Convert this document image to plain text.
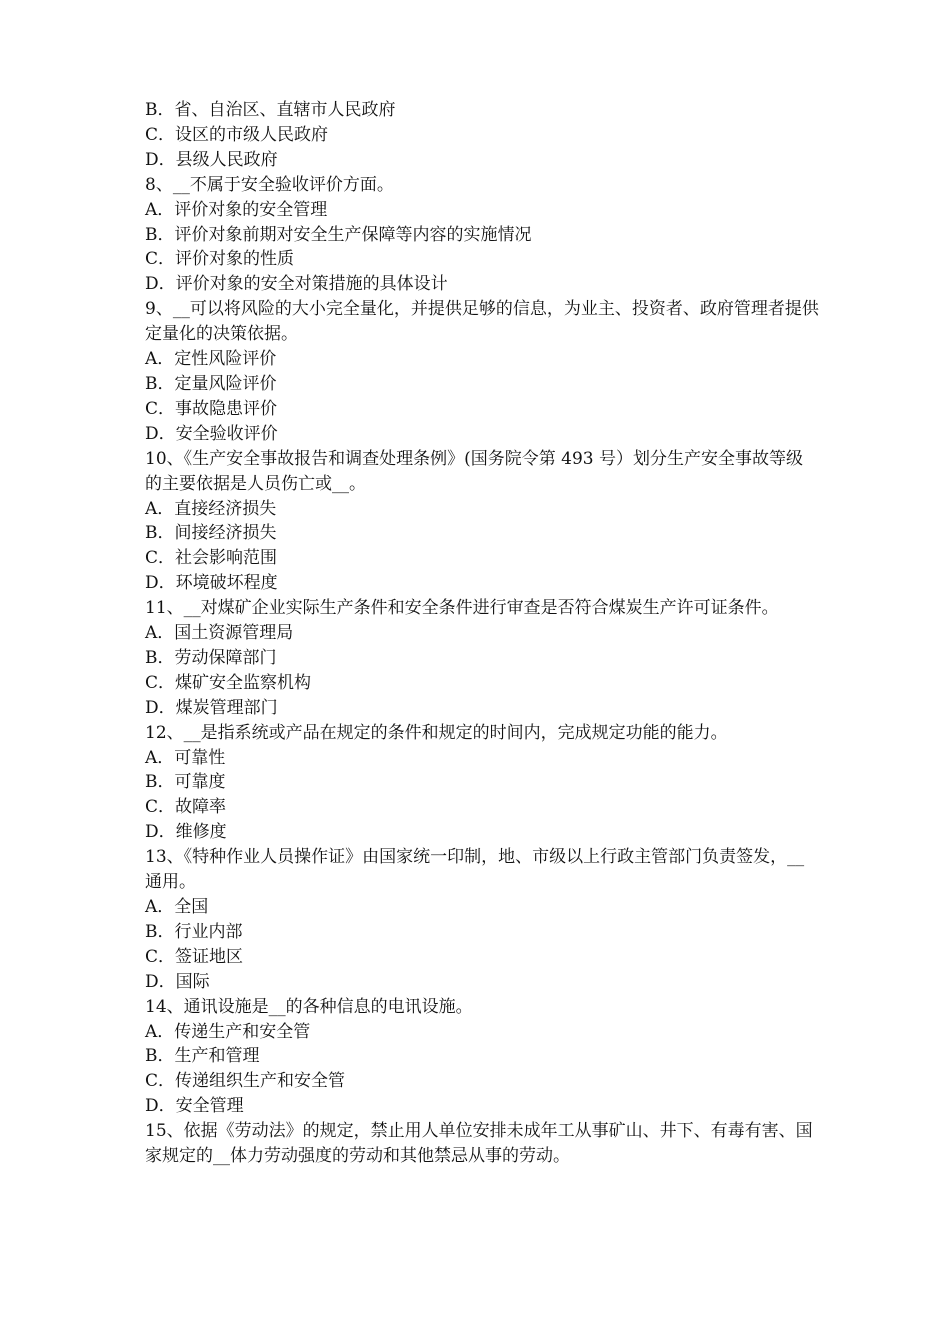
B．省、自治区、直辖市人民政府

C．设区的市级人民政府

D．县级人民政府

8、__不属于安全验收评价方面。

A．评价对象的安全管理

B．评价对象前期对安全生产保障等内容的实施情况

C．评价对象的性质

D．评价对象的安全对策措施的具体设计

9、__可以将风险的大小完全量化，并提供足够的信息，为业主、投资者、政府管理者提供定量化的决策依据。

A．定性风险评价

B．定量风险评价

C．事故隐患评价

D．安全验收评价

10、《生产安全事故报告和调查处理条例》(国务院令第 493 号）划分生产安全事故等级的主要依据是人员伤亡或__。

A．直接经济损失

B．间接经济损失

C．社会影响范围

D．环境破坏程度

11、__对煤矿企业实际生产条件和安全条件进行审查是否符合煤炭生产许可证条件。

A．国土资源管理局

B．劳动保障部门

C．煤矿安全监察机构

D．煤炭管理部门

12、__是指系统或产品在规定的条件和规定的时间内，完成规定功能的能力。

A．可靠性

B．可靠度

C．故障率

D．维修度

13、《特种作业人员操作证》由国家统一印制，地、市级以上行政主管部门负责签发，__通用。

A．全国

B．行业内部

C．签证地区

D．国际

14、通讯设施是__的各种信息的电讯设施。

A．传递生产和安全管

B．生产和管理

C．传递组织生产和安全管

D．安全管理

15、依据《劳动法》的规定，禁止用人单位安排未成年工从事矿山、井下、有毒有害、国家规定的__体力劳动强度的劳动和其他禁忌从事的劳动。
